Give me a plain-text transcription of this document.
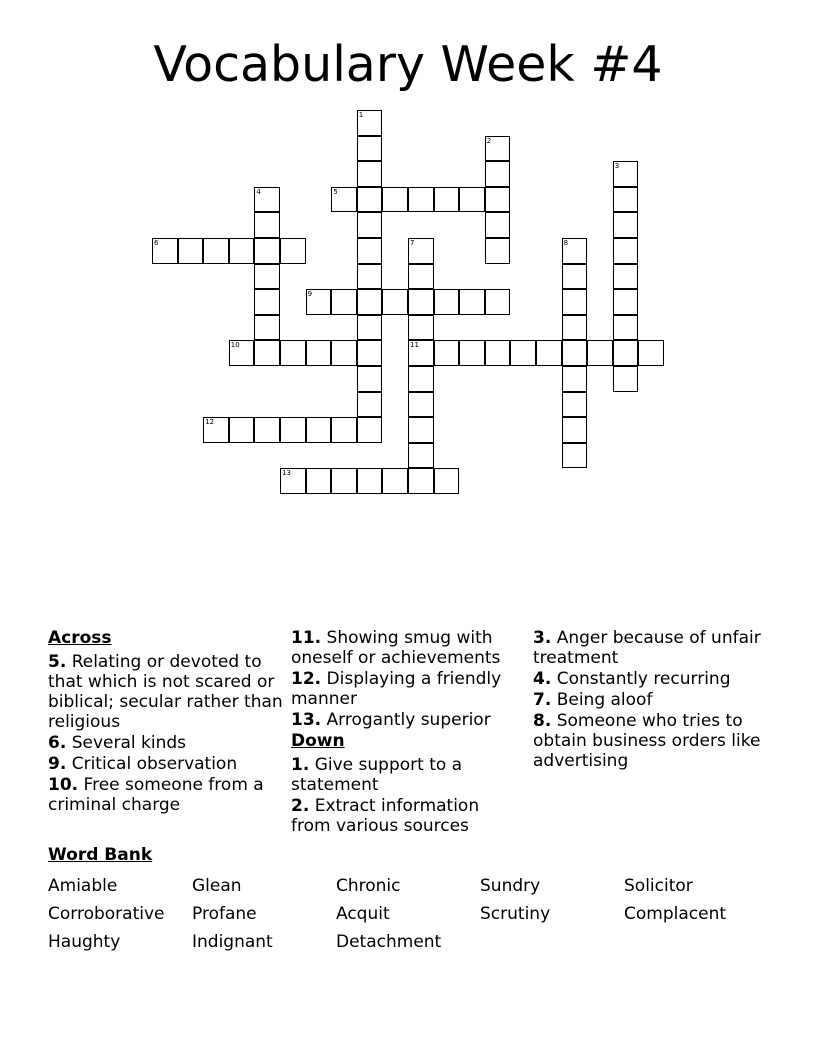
Vocabulary Week #4
1
2
3
4	5
6	7	8
9
10	11
12
13
Across
5. Relating or devoted to that which is not scared or biblical; secular rather than religious
6. Several kinds
9. Critical observation
10. Free someone from a criminal charge
11. Showing smug with oneself or achievements
12. Displaying a friendly manner
13. Arrogantly superior
Down
1. Give support to a statement
2. Extract information from various sources
3. Anger because of unfair treatment
4. Constantly recurring
7. Being aloof
8. Someone who tries to obtain business orders like advertising
Word Bank
Amiable	Glean	Chronic	Sundry	Solicitor
Corroborative Profane	Acquit	Scrutiny	Complacent
Haughty	Indignant	Detachment
